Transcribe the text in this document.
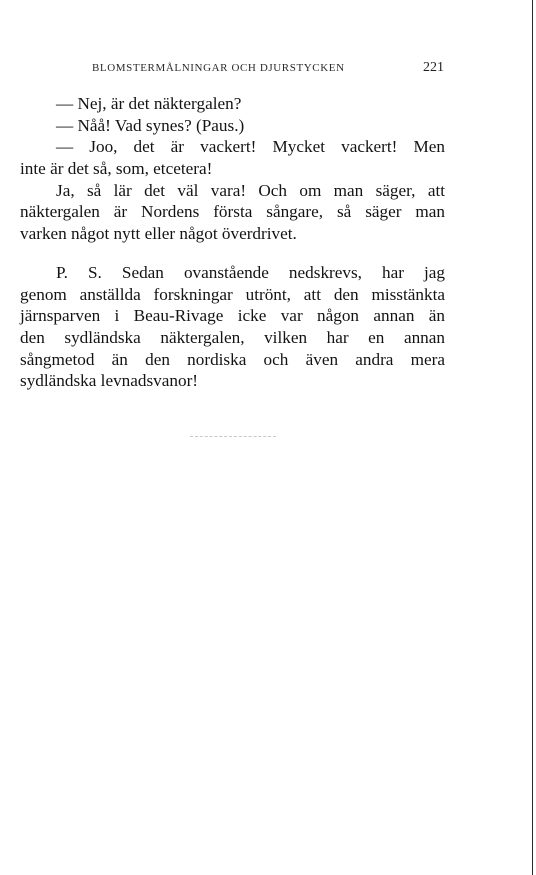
BLOMSTERMÅLNINGAR OCH DJURSTYCKEN	221
— Nej, är det näktergalen?
— Nåå! Vad synes? (Paus.)
— Joo, det är vackert! Mycket vackert! Men
inte är det så, som, etcetera!
Ja, så lär det väl vara! Och om man säger, att
näktergalen är Nordens första sångare, så säger man
varken något nytt eller något överdrivet.
P. S. Sedan ovanstående nedskrevs, har jag
genom anställda forskningar utrönt, att den misstänkta
järnsparven i Beau-Rivage icke var någon annan än
den sydländska näktergalen, vilken har en annan
sångmetod än den nordiska och även andra mera
sydländska levnadsvanor!
